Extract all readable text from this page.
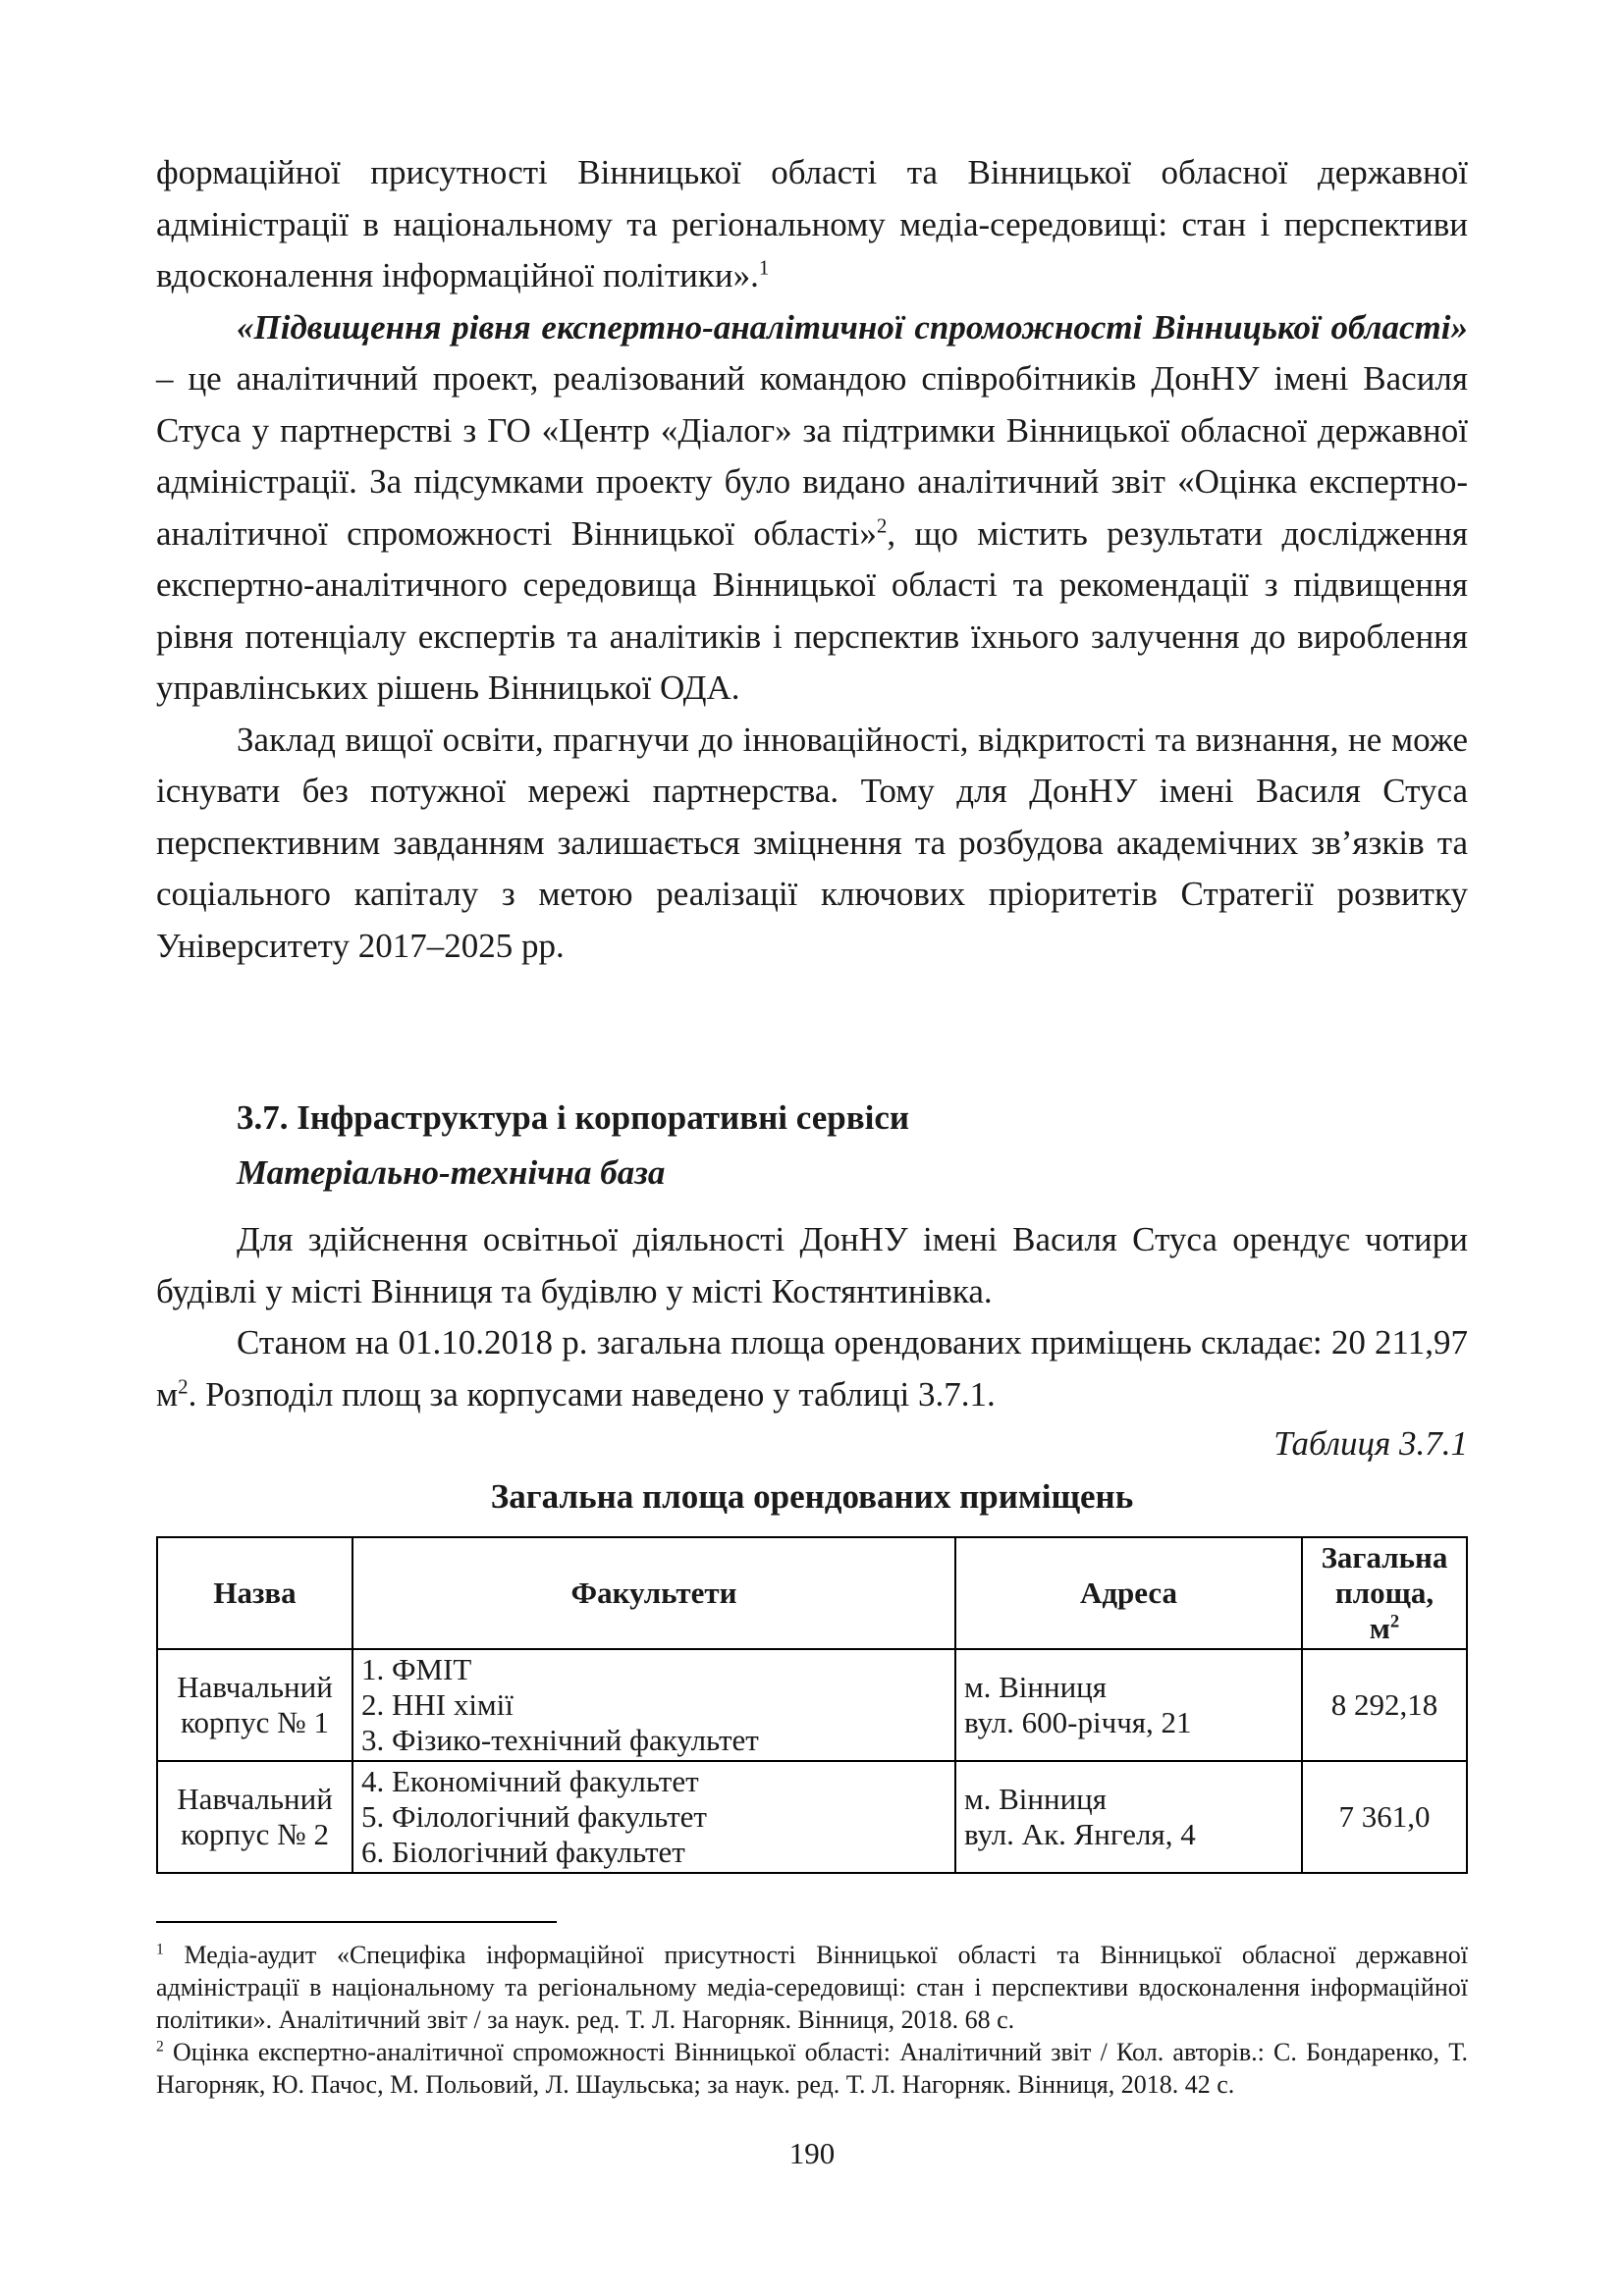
формаційної присутності Вінницької області та Вінницької обласної державної адміністрації в національному та регіональному медіа-середовищі: стан і перспективи вдосконалення інформаційної політики».$^1$

«Підвищення рівня експертно-аналітичної спроможності Вінницької області» – це аналітичний проект, реалізований командою співробітників ДонНУ імені Василя Стуса у партнерстві з ГО «Центр «Діалог» за підтримки Вінницької обласної державної адміністрації. За підсумками проекту було видано аналітичний звіт «Оцінка експертно-аналітичної спроможності Вінницької області»$^2$, що містить результати дослідження експертно-аналітичного середовища Вінницької області та рекомендації з підвищення рівня потенціалу експертів та аналітиків і перспектив їхнього залучення до вироблення управлінських рішень Вінницької ОДА.

Заклад вищої освіти, прагнучи до інноваційності, відкритості та визнання, не може існувати без потужної мережі партнерства. Тому для ДонНУ імені Василя Стуса перспективним завданням залишається зміцнення та розбудова академічних зв’язків та соціального капіталу з метою реалізації ключових пріоритетів Стратегії розвитку Університету 2017–2025 рр.

3.7. Інфраструктура і корпоративні сервіси
Матеріально-технічна база

Для здійснення освітньої діяльності ДонНУ імені Василя Стуса орендує чотири будівлі у місті Вінниця та будівлю у місті Костянтинівка.

Станом на 01.10.2018 р. загальна площа орендованих приміщень складає: 20 211,97 $м^2$. Розподіл площ за корпусами наведено у таблиці 3.7.1.

Таблиця 3.7.1

Загальна площа орендованих приміщень

Назва	Факультети	Адреса	Загальна
площа,
$м^2$

Навчальний
корпус № 1	1. ФМІТ
2. ННІ хімії
3. Фізико-технічний факультет	м. Вінниця
вул. 600-річчя, 21	8 292,18

Навчальний
корпус № 2	4. Економічний факультет
5. Філологічний факультет
6. Біологічний факультет	м. Вінниця
вул. Ак. Янгеля, 4	7 361,0

$^1$ Медіа-аудит «Специфіка інформаційної присутності Вінницької області та Вінницької обласної державної адміністрації в національному та регіональному медіа-середовищі: стан і перспективи вдосконалення інформаційної політики». Аналітичний звіт / за наук. ред. Т. Л. Нагорняк. Вінниця, 2018. 68 с.

$^2$ Оцінка експертно-аналітичної спроможності Вінницької області: Аналітичний звіт / Кол. авторів.: С. Бондаренко, Т. Нагорняк, Ю. Пачос, М. Польовий, Л. Шаульська; за наук. ред. Т. Л. Нагорняк. Вінниця, 2018. 42 с.

190
